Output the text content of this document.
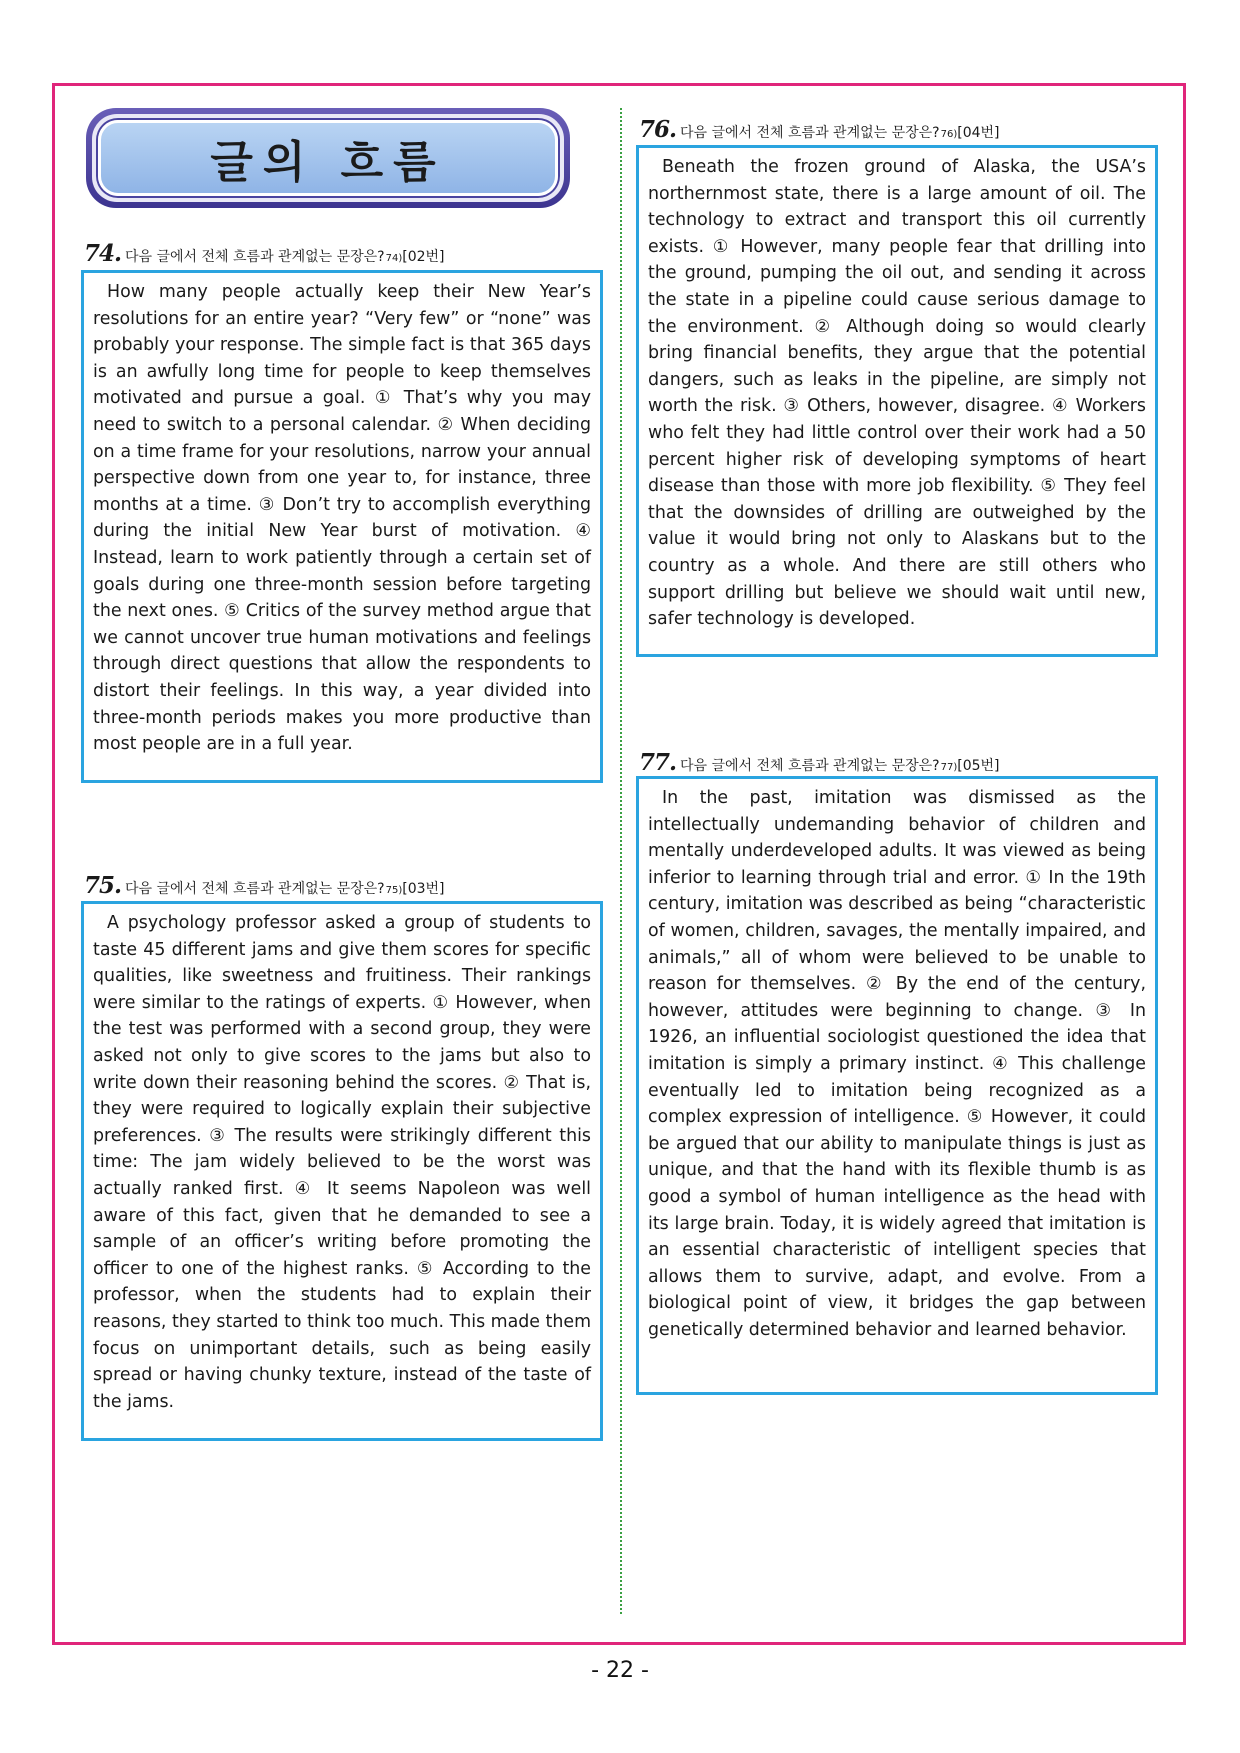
글의 흐름
74. 다음 글에서 전체 흐름과 관계없는 문장은? 74) [02번]

How many people actually keep their New Year’s resolutions for an entire year? “Very few” or “none” was probably your response. The simple fact is that 365 days is an awfully long time for people to keep themselves motivated and pursue a goal. ① That’s why you may need to switch to a personal calendar. ② When deciding on a time frame for your resolutions, narrow your annual perspective down from one year to, for instance, three months at a time. ③ Don’t try to accomplish everything during the initial New Year burst of motivation. ④ Instead, learn to work patiently through a certain set of goals during one three-month session before targeting the next ones. ⑤ Critics of the survey method argue that we cannot uncover true human motivations and feelings through direct questions that allow the respondents to distort their feelings. In this way, a year divided into three-month periods makes you more productive than most people are in a full year.

75. 다음 글에서 전체 흐름과 관계없는 문장은? 75) [03번]

A psychology professor asked a group of students to taste 45 different jams and give them scores for specific qualities, like sweetness and fruitiness. Their rankings were similar to the ratings of experts. ① However, when the test was performed with a second group, they were asked not only to give scores to the jams but also to write down their reasoning behind the scores. ② That is, they were required to logically explain their subjective preferences. ③ The results were strikingly different this time: The jam widely believed to be the worst was actually ranked first. ④ It seems Napoleon was well aware of this fact, given that he demanded to see a sample of an officer’s writing before promoting the officer to one of the highest ranks. ⑤ According to the professor, when the students had to explain their reasons, they started to think too much. This made them focus on unimportant details, such as being easily spread or having chunky texture, instead of the taste of the jams.

76. 다음 글에서 전체 흐름과 관계없는 문장은? 76) [04번]

Beneath the frozen ground of Alaska, the USA’s northernmost state, there is a large amount of oil. The technology to extract and transport this oil currently exists. ① However, many people fear that drilling into the ground, pumping the oil out, and sending it across the state in a pipeline could cause serious damage to the environment. ② Although doing so would clearly bring financial benefits, they argue that the potential dangers, such as leaks in the pipeline, are simply not worth the risk. ③ Others, however, disagree. ④ Workers who felt they had little control over their work had a 50 percent higher risk of developing symptoms of heart disease than those with more job flexibility. ⑤ They feel that the downsides of drilling are outweighed by the value it would bring not only to Alaskans but to the country as a whole. And there are still others who support drilling but believe we should wait until new, safer technology is developed.

77. 다음 글에서 전체 흐름과 관계없는 문장은? 77) [05번]

In the past, imitation was dismissed as the intellectually undemanding behavior of children and mentally underdeveloped adults. It was viewed as being inferior to learning through trial and error. ① In the 19th century, imitation was described as being “characteristic of women, children, savages, the mentally impaired, and animals,” all of whom were believed to be unable to reason for themselves. ② By the end of the century, however, attitudes were beginning to change. ③ In 1926, an influential sociologist questioned the idea that imitation is simply a primary instinct. ④ This challenge eventually led to imitation being recognized as a complex expression of intelligence. ⑤ However, it could be argued that our ability to manipulate things is just as unique, and that the hand with its flexible thumb is as good a symbol of human intelligence as the head with its large brain. Today, it is widely agreed that imitation is an essential characteristic of intelligent species that allows them to survive, adapt, and evolve. From a biological point of view, it bridges the gap between genetically determined behavior and learned behavior.

- 22 -
